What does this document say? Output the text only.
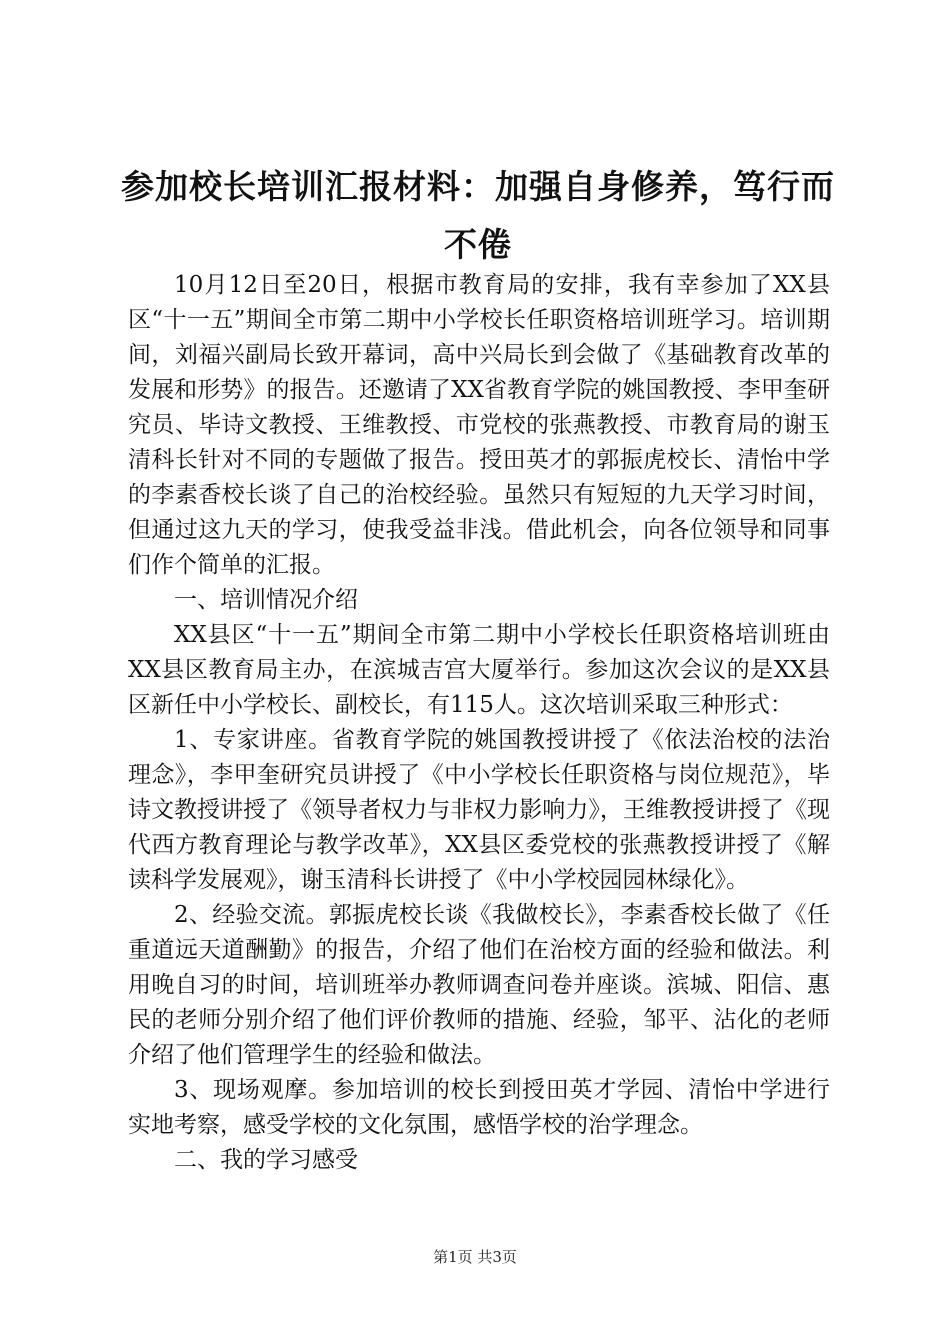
参加校长培训汇报材料：加强自身修养，笃行而不倦

10月12日至20日，根据市教育局的安排，我有幸参加了XX县区“十一五”期间全市第二期中小学校长任职资格培训班学习。培训期间，刘福兴副局长致开幕词，高中兴局长到会做了《基础教育改革的发展和形势》的报告。还邀请了XX省教育学院的姚国教授、李甲奎研究员、毕诗文教授、王维教授、市党校的张燕教授、市教育局的谢玉清科长针对不同的专题做了报告。授田英才的郭振虎校长、清怡中学的李素香校长谈了自己的治校经验。虽然只有短短的九天学习时间，但通过这九天的学习，使我受益非浅。借此机会，向各位领导和同事们作个简单的汇报。

一、培训情况介绍

XX县区“十一五”期间全市第二期中小学校长任职资格培训班由XX县区教育局主办，在滨城吉宫大厦举行。参加这次会议的是XX县区新任中小学校长、副校长，有115人。这次培训采取三种形式：

1、专家讲座。省教育学院的姚国教授讲授了《依法治校的法治理念》，李甲奎研究员讲授了《中小学校长任职资格与岗位规范》，毕诗文教授讲授了《领导者权力与非权力影响力》，王维教授讲授了《现代西方教育理论与教学改革》，XX县区委党校的张燕教授讲授了《解读科学发展观》，谢玉清科长讲授了《中小学校园园林绿化》。

2、经验交流。郭振虎校长谈《我做校长》，李素香校长做了《任重道远天道酬勤》的报告，介绍了他们在治校方面的经验和做法。利用晚自习的时间，培训班举办教师调查问卷并座谈。滨城、阳信、惠民的老师分别介绍了他们评价教师的措施、经验，邹平、沾化的老师介绍了他们管理学生的经验和做法。

3、现场观摩。参加培训的校长到授田英才学园、清怡中学进行实地考察，感受学校的文化氛围，感悟学校的治学理念。

二、我的学习感受

第1页 共3页
